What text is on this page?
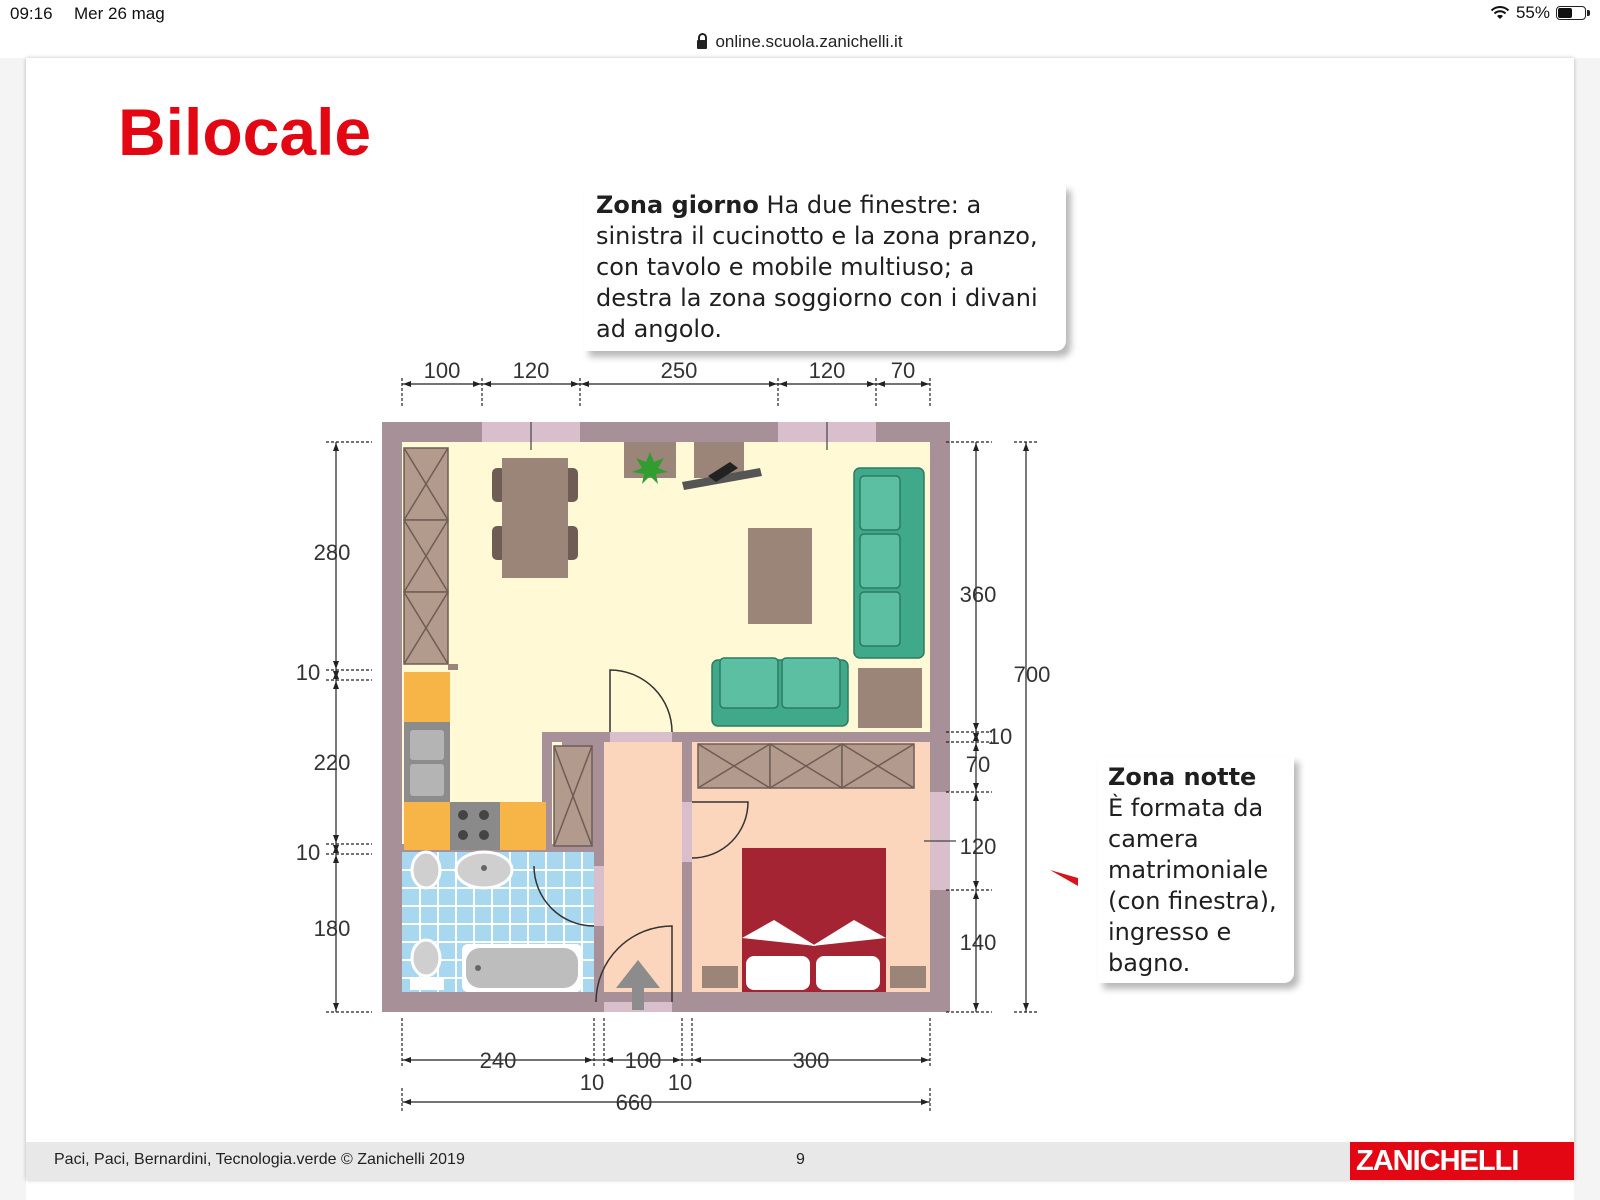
09:16 Mer 26 mag	55%
online.scuola.zanichelli.it
Bilocale
100 120	250	120 70
280
10
220
10
180
360
10
70
120
140
700
240	100	300
10	10
660
Zona giorno Ha due finestre: a sinistra il cucinotto e la zona pranzo, con tavolo e mobile multiuso; a destra la zona soggiorno con i divani ad angolo.
Zona notte
È formata da camera matrimoniale (con finestra), ingresso e bagno.
Paci, Paci, Bernardini, Tecnologia.verde © Zanichelli 2019	9	ZANICHELLI
